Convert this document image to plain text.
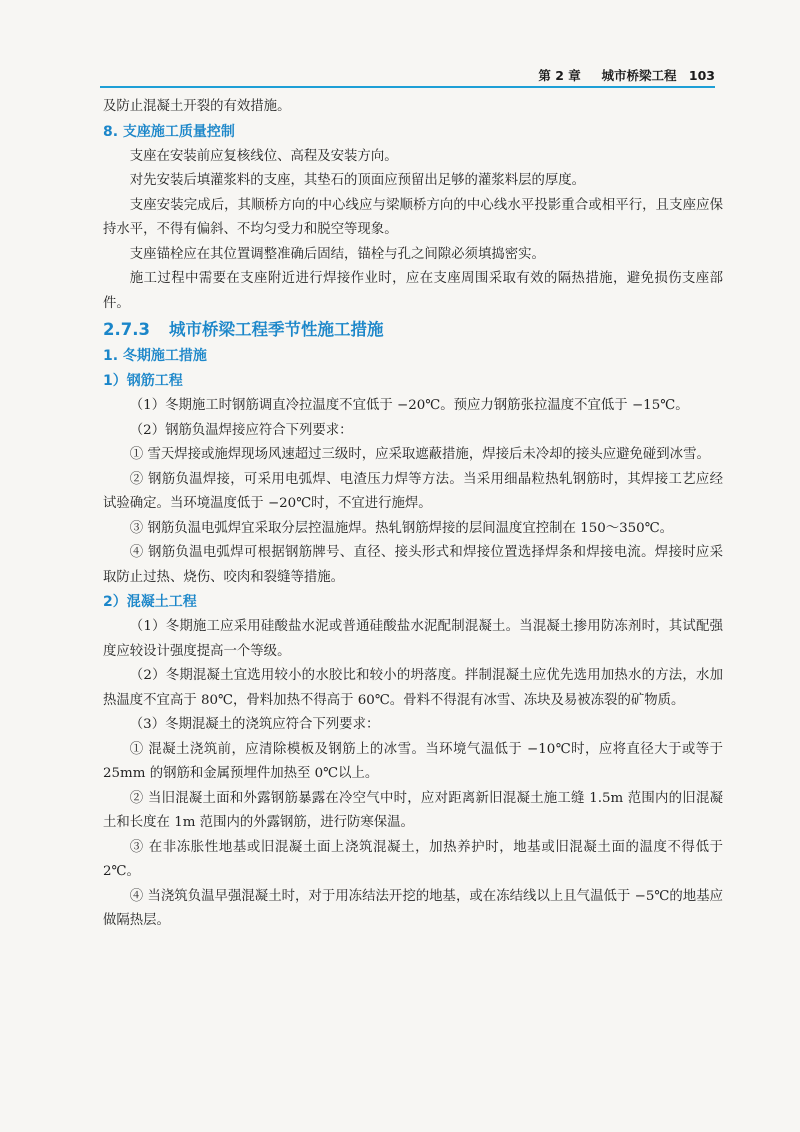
第 2 章 城市桥梁工程 103

及防止混凝土开裂的有效措施。

8. 支座施工质量控制

支座在安装前应复核线位、高程及安装方向。

对先安装后填灌浆料的支座，其垫石的顶面应预留出足够的灌浆料层的厚度。

支座安装完成后，其顺桥方向的中心线应与梁顺桥方向的中心线水平投影重合或相平行，且支座应保持水平，不得有偏斜、不均匀受力和脱空等现象。

支座锚栓应在其位置调整准确后固结，锚栓与孔之间隙必须填捣密实。

施工过程中需要在支座附近进行焊接作业时，应在支座周围采取有效的隔热措施，避免损伤支座部件。

2.7.3 城市桥梁工程季节性施工措施

1. 冬期施工措施

1）钢筋工程

（1）冬期施工时钢筋调直冷拉温度不宜低于 −20℃。预应力钢筋张拉温度不宜低于 −15℃。

（2）钢筋负温焊接应符合下列要求：

① 雪天焊接或施焊现场风速超过三级时，应采取遮蔽措施，焊接后未冷却的接头应避免碰到冰雪。

② 钢筋负温焊接，可采用电弧焊、电渣压力焊等方法。当采用细晶粒热轧钢筋时，其焊接工艺应经试验确定。当环境温度低于 −20℃时，不宜进行施焊。

③ 钢筋负温电弧焊宜采取分层控温施焊。热轧钢筋焊接的层间温度宜控制在 150～350℃。

④ 钢筋负温电弧焊可根据钢筋牌号、直径、接头形式和焊接位置选择焊条和焊接电流。焊接时应采取防止过热、烧伤、咬肉和裂缝等措施。

2）混凝土工程

（1）冬期施工应采用硅酸盐水泥或普通硅酸盐水泥配制混凝土。当混凝土掺用防冻剂时，其试配强度应较设计强度提高一个等级。

（2）冬期混凝土宜选用较小的水胶比和较小的坍落度。拌制混凝土应优先选用加热水的方法，水加热温度不宜高于 80℃，骨料加热不得高于 60℃。骨料不得混有冰雪、冻块及易被冻裂的矿物质。

（3）冬期混凝土的浇筑应符合下列要求：

① 混凝土浇筑前，应清除模板及钢筋上的冰雪。当环境气温低于 −10℃时，应将直径大于或等于 25mm 的钢筋和金属预埋件加热至 0℃以上。

② 当旧混凝土面和外露钢筋暴露在冷空气中时，应对距离新旧混凝土施工缝 1.5m 范围内的旧混凝土和长度在 1m 范围内的外露钢筋，进行防寒保温。

③ 在非冻胀性地基或旧混凝土面上浇筑混凝土，加热养护时，地基或旧混凝土面的温度不得低于 2℃。

④ 当浇筑负温早强混凝土时，对于用冻结法开挖的地基，或在冻结线以上且气温低于 −5℃的地基应做隔热层。
